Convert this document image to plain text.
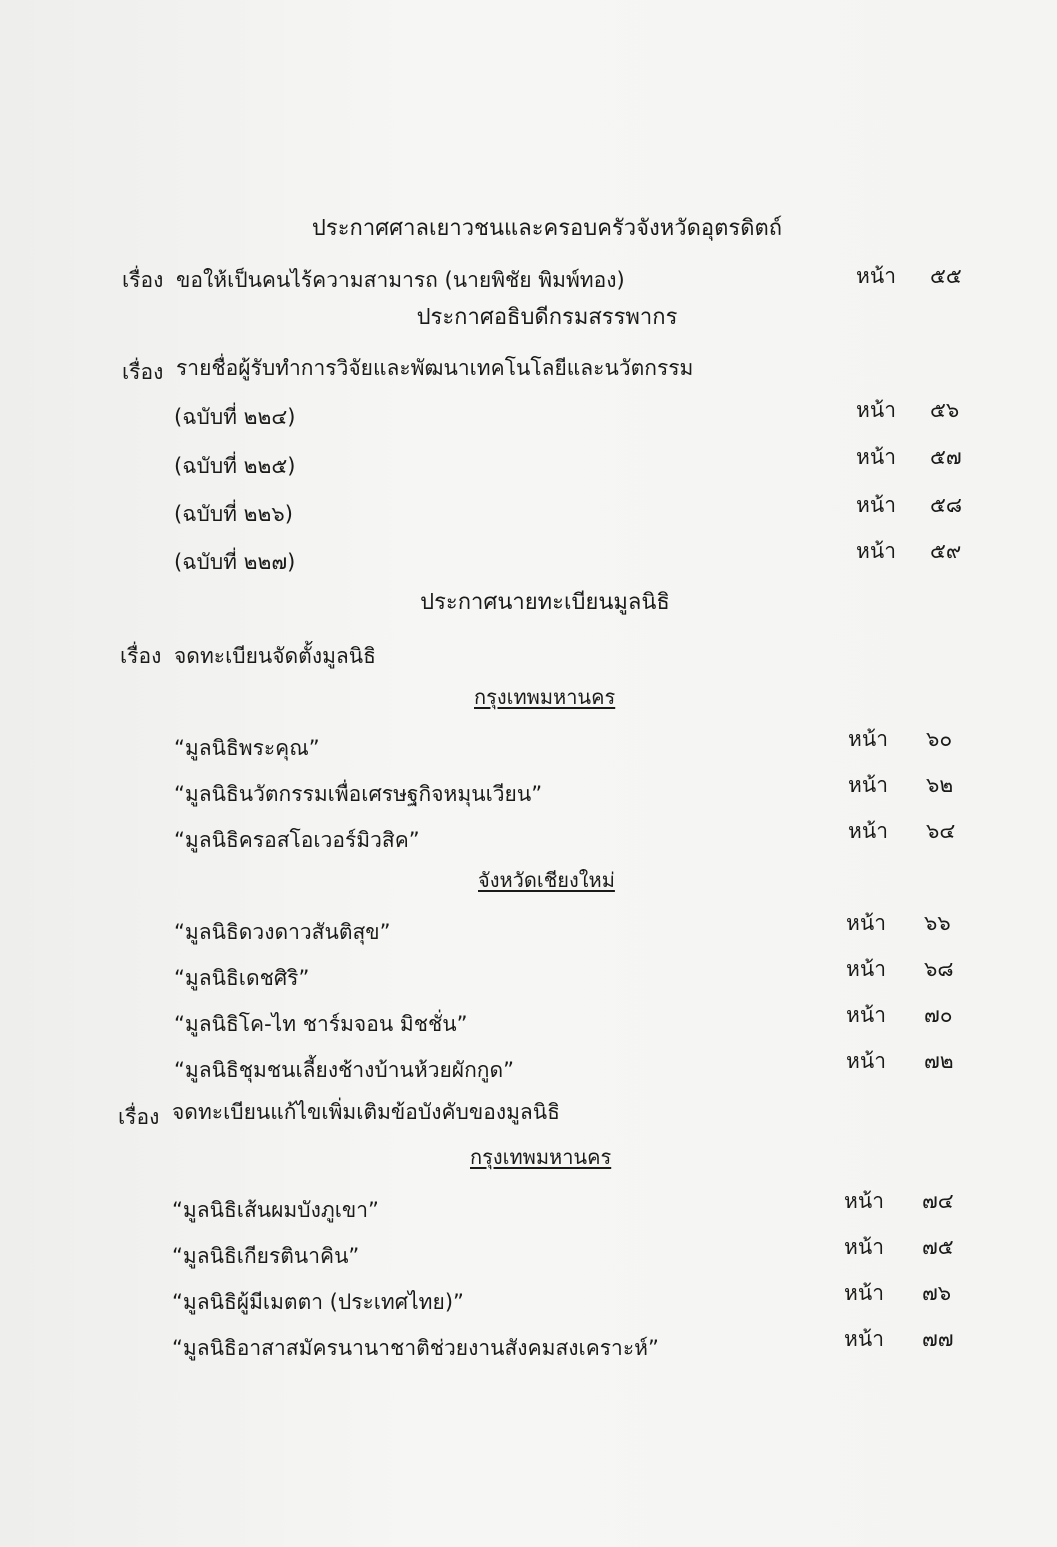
ประกาศศาลเยาวชนและครอบครัวจังหวัดอุตรดิตถ์
เรื่อง ขอให้เป็นคนไร้ความสามารถ (นายพิชัย พิมพ์ทอง)	หน้า ๕๕
ประกาศอธิบดีกรมสรรพากร
เรื่อง รายชื่อผู้รับทำการวิจัยและพัฒนาเทคโนโลยีและนวัตกรรม
(ฉบับที่ ๒๒๔)	หน้า ๕๖
(ฉบับที่ ๒๒๕)	หน้า ๕๗
(ฉบับที่ ๒๒๖)	หน้า ๕๘
(ฉบับที่ ๒๒๗)	หน้า ๕๙
ประกาศนายทะเบียนมูลนิธิ
เรื่อง จดทะเบียนจัดตั้งมูลนิธิ
กรุงเทพมหานคร
“มูลนิธิพระคุณ”	หน้า ๖๐
“มูลนิธินวัตกรรมเพื่อเศรษฐกิจหมุนเวียน”	หน้า ๖๒
“มูลนิธิครอสโอเวอร์มิวสิค”	หน้า ๖๔
จังหวัดเชียงใหม่
“มูลนิธิดวงดาวสันติสุข”	หน้า ๖๖
“มูลนิธิเดชศิริ”	หน้า ๖๘
“มูลนิธิโค-ไท ชาร์มจอน มิชชั่น”	หน้า ๗๐
“มูลนิธิชุมชนเลี้ยงช้างบ้านห้วยผักกูด”	หน้า ๗๒
เรื่อง จดทะเบียนแก้ไขเพิ่มเติมข้อบังคับของมูลนิธิ
กรุงเทพมหานคร
“มูลนิธิเส้นผมบังภูเขา”	หน้า ๗๔
“มูลนิธิเกียรตินาคิน”	หน้า ๗๕
“มูลนิธิผู้มีเมตตา (ประเทศไทย)”	หน้า ๗๖
“มูลนิธิอาสาสมัครนานาชาติช่วยงานสังคมสงเคราะห์”	หน้า ๗๗
